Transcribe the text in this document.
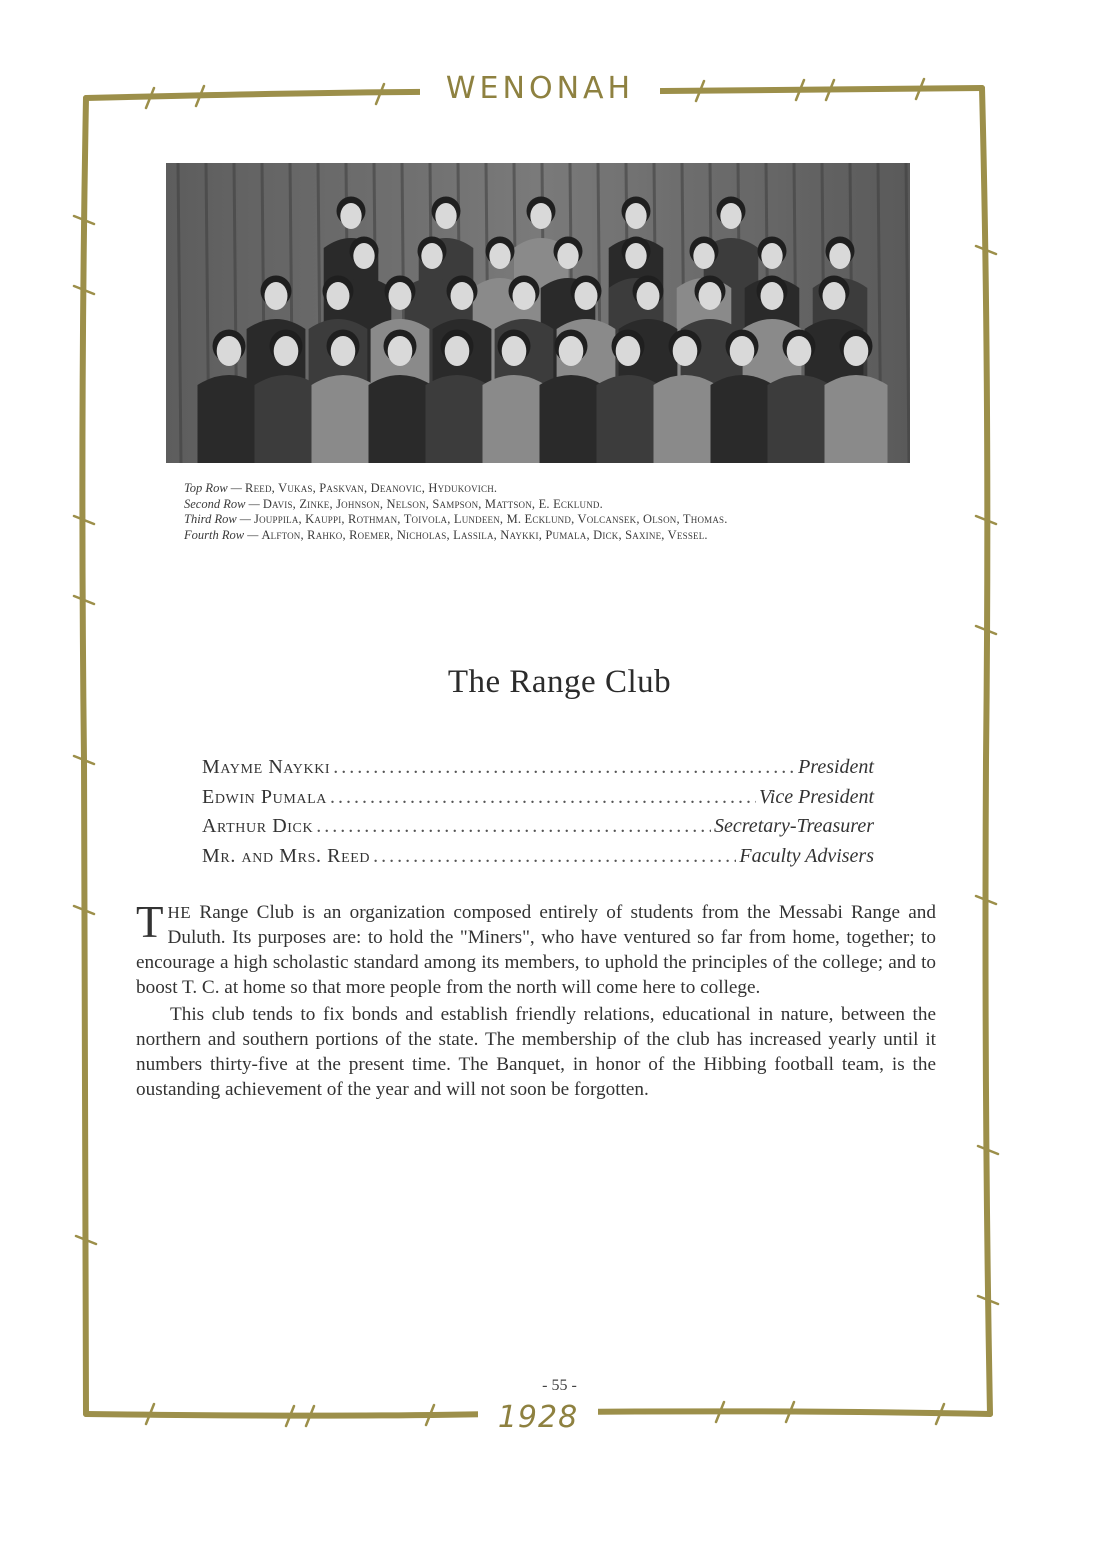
WENONAH
Top Row — Reed, Vukas, Paskvan, Deanovic, Hydukovich.
Second Row — Davis, Zinke, Johnson, Nelson, Sampson, Mattson, E. Ecklund.
Third Row — Jouppila, Kauppi, Rothman, Toivola, Lundeen, M. Ecklund, Volcansek, Olson, Thomas.
Fourth Row — Alfton, Rahko, Roemer, Nicholas, Lassila, Naykki, Pumala, Dick, Saxine, Vessel.
The Range Club
Mayme Naykki .....	President
Edwin Pumala .....	Vice President
Arthur Dick .....	Secretary-Treasurer
Mr. and Mrs. Reed .....	Faculty Advisers

THE Range Club is an organization composed entirely of students from the Messabi Range and Duluth. Its purposes are: to hold the "Miners", who have ventured so far from home, together; to encourage a high scholastic standard among its members, to uphold the principles of the college; and to boost T. C. at home so that more people from the north will come here to college.

This club tends to fix bonds and establish friendly relations, educational in nature, between the northern and southern portions of the state. The membership of the club has increased yearly until it numbers thirty-five at the present time. The Banquet, in honor of the Hibbing football team, is the oustanding achievement of the year and will not soon be forgotten.

- 55 -
1928
